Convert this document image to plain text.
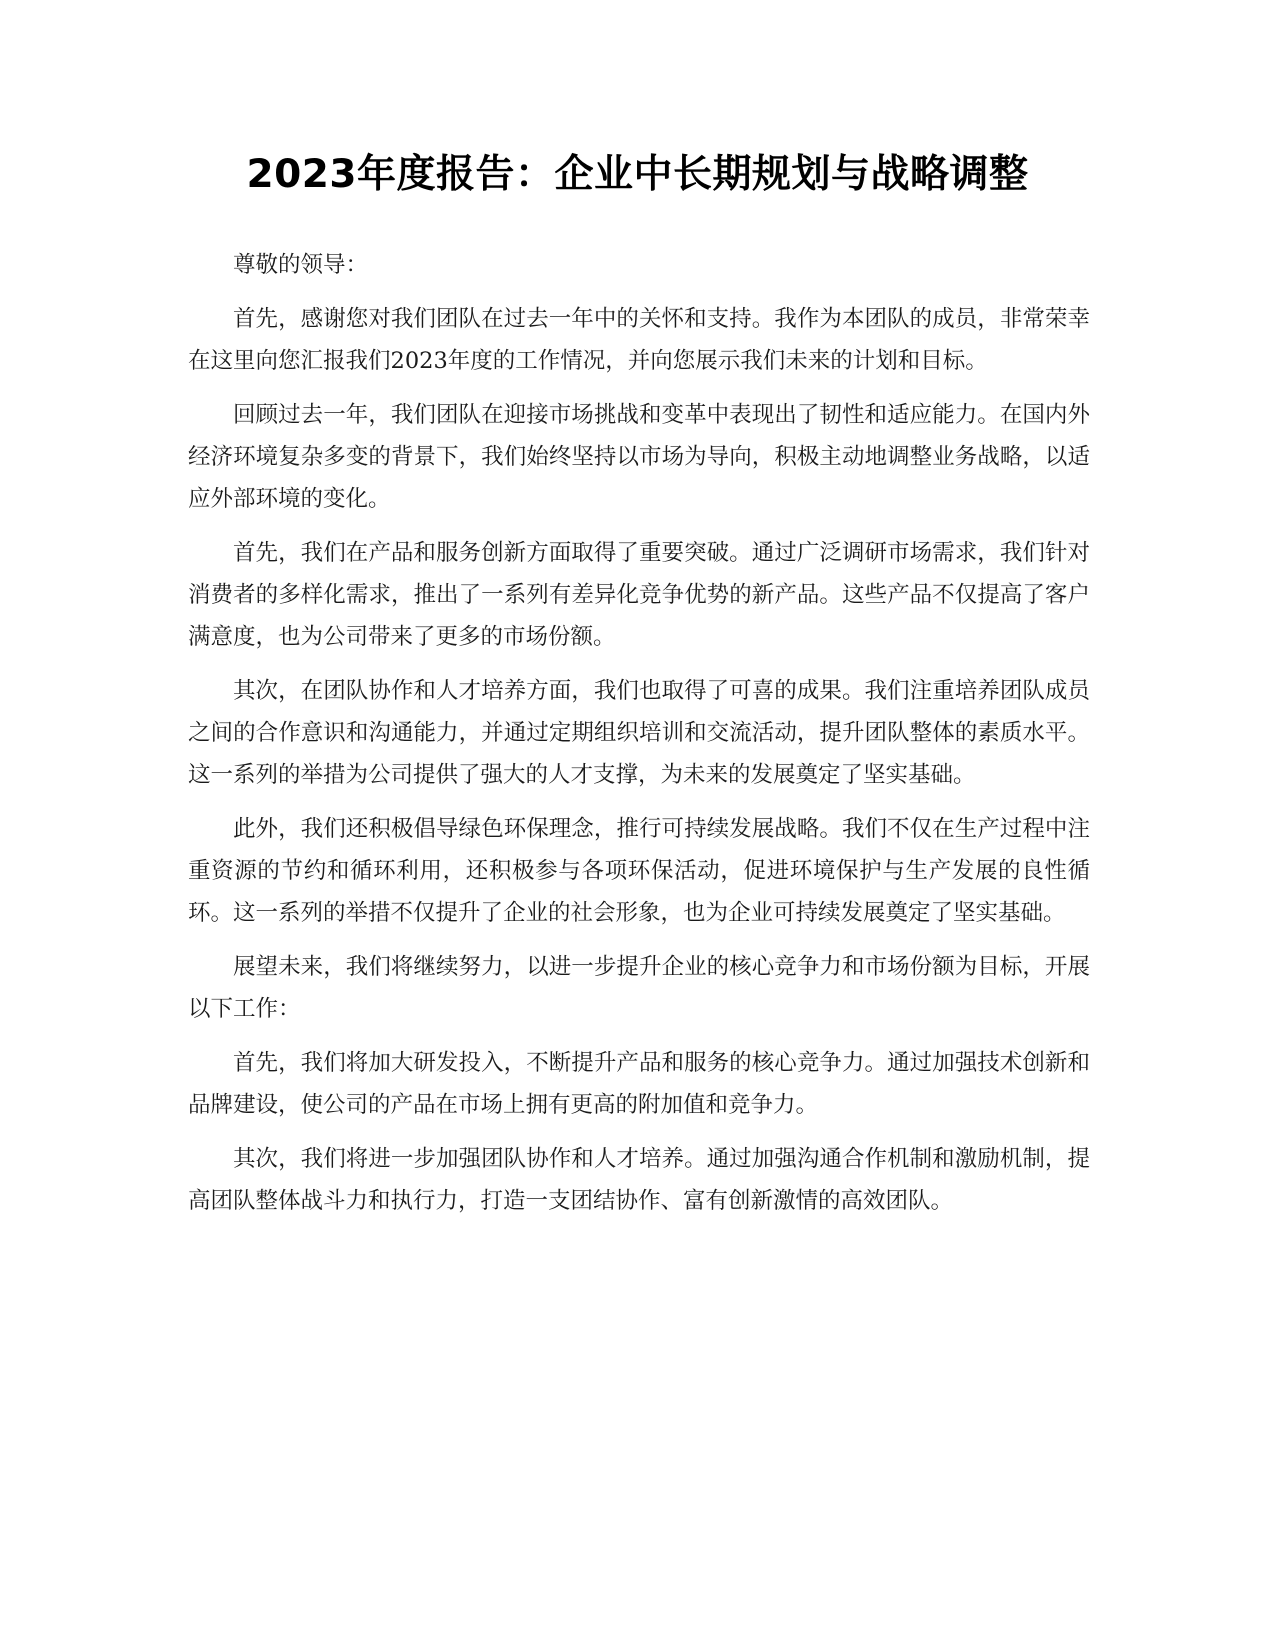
2023年度报告：企业中长期规划与战略调整

尊敬的领导：

首先，感谢您对我们团队在过去一年中的关怀和支持。我作为本团队的成员，非常荣幸在这里向您汇报我们2023年度的工作情况，并向您展示我们未来的计划和目标。

回顾过去一年，我们团队在迎接市场挑战和变革中表现出了韧性和适应能力。在国内外经济环境复杂多变的背景下，我们始终坚持以市场为导向，积极主动地调整业务战略，以适应外部环境的变化。

首先，我们在产品和服务创新方面取得了重要突破。通过广泛调研市场需求，我们针对消费者的多样化需求，推出了一系列有差异化竞争优势的新产品。这些产品不仅提高了客户满意度，也为公司带来了更多的市场份额。

其次，在团队协作和人才培养方面，我们也取得了可喜的成果。我们注重培养团队成员之间的合作意识和沟通能力，并通过定期组织培训和交流活动，提升团队整体的素质水平。这一系列的举措为公司提供了强大的人才支撑，为未来的发展奠定了坚实基础。

此外，我们还积极倡导绿色环保理念，推行可持续发展战略。我们不仅在生产过程中注重资源的节约和循环利用，还积极参与各项环保活动，促进环境保护与生产发展的良性循环。这一系列的举措不仅提升了企业的社会形象，也为企业可持续发展奠定了坚实基础。

展望未来，我们将继续努力，以进一步提升企业的核心竞争力和市场份额为目标，开展以下工作：

首先，我们将加大研发投入，不断提升产品和服务的核心竞争力。通过加强技术创新和品牌建设，使公司的产品在市场上拥有更高的附加值和竞争力。

其次，我们将进一步加强团队协作和人才培养。通过加强沟通合作机制和激励机制，提高团队整体战斗力和执行力，打造一支团结协作、富有创新激情的高效团队。
